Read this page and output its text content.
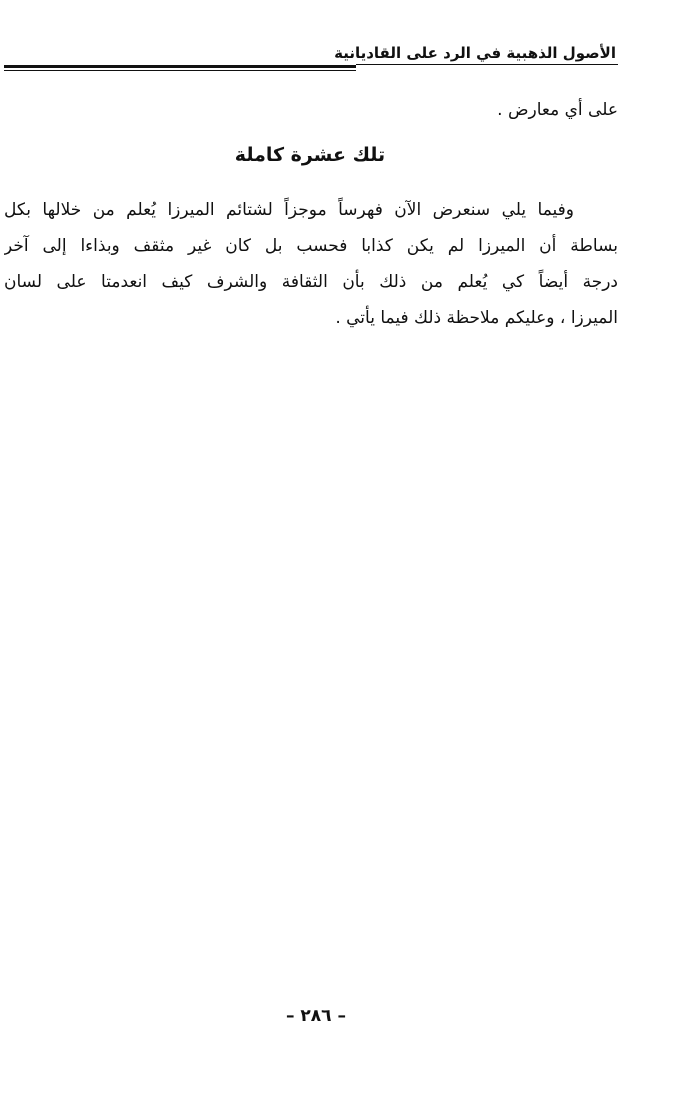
الأصول الذهبية في الرد على القاديانية
على أي معارض .
تلك عشرة كاملة
وفيما يلي سنعرض الآن فهرساً موجزاً لشتائم الميرزا يُعلم من خلالها بكل
بساطة أن الميرزا لم يكن كذابا فحسب بل كان غير مثقف وبذاءا إلى آخر
درجة أيضاً كي يُعلم من ذلك بأن الثقافة والشرف كيف انعدمتا على لسان
الميرزا ، وعليكم ملاحظة ذلك فيما يأتي .
– ٢٨٦ –
